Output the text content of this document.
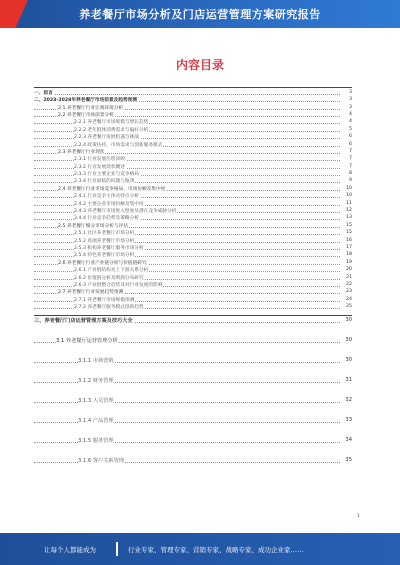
养老餐厅市场分析及门店运营管理方案研究报告
内容目录
一、前言	3
二、2023-2028年养老餐厅市场前景及趋势预测	3
2.1 养老餐厅行业宏观环境分析	3
2.2 养老餐厅市场前景分析	4
2.2.1 养老餐厅市场规模与增长趋势	4
2.2.2 老年群体消费需求与偏好分析	5
2.2.3 养老餐厅发展机遇与挑战	6
2.2.4 政策扶持、市场需求与创新服务模式	6
2.3 养老餐厅行业现状	7
2.3.1 行业发展历程回顾	7
2.3.2 行业发展现状概述	7
2.3.3 行业主要企业与竞争格局	8
2.3.4 行业面临的问题与瓶颈	9
2.4 养老餐厅行业市场竞争格局、市场份额及集中度	10
2.4.1 行业竞争主体及特点分析	10
2.4.2 主要企业市场份额及集中度	11
2.4.3 养老餐厅市场进入壁垒及潜在竞争威胁分析	12
2.4.4 行业竞争趋势及策略分析	13
2.5 养老餐厅细分市场分析与评估	15
2.5.1 社区养老餐厅市场分析	15
2.5.2 高端养老餐厅市场分析	16
2.5.3 机构养老餐厅服务市场分析	17
2.5.4 特色养老餐厅市场分析	18
2.6 养老餐厅行业产业链分析与价值链研究	19
2.6.1 产业链结构及上下游关系分析	20
2.6.2 价值链分析及利润分布研究	21
2.6.3 产业链整合趋势及对行业发展的影响	22
2.7 养老餐厅行业发展趋势预测	23
2.7.1 养老餐厅市场规模预测	24
2.7.2 养老餐厅服务模式创新趋势	25
三、养老餐厅门店运营管理方案及技巧大全	30
3.1 养老餐厅运营管理分析	30
3.1.1 市场营销	30
3.1.2 财务管理	31
3.1.3 人员管理	32
3.1.4 产品管理	33
3.1.5 服务管理	34
3.1.6 客户关系管理	35
1
让每个人都能成为	行业专家、管理专家、营销专家、战略专家、成功企业家……
